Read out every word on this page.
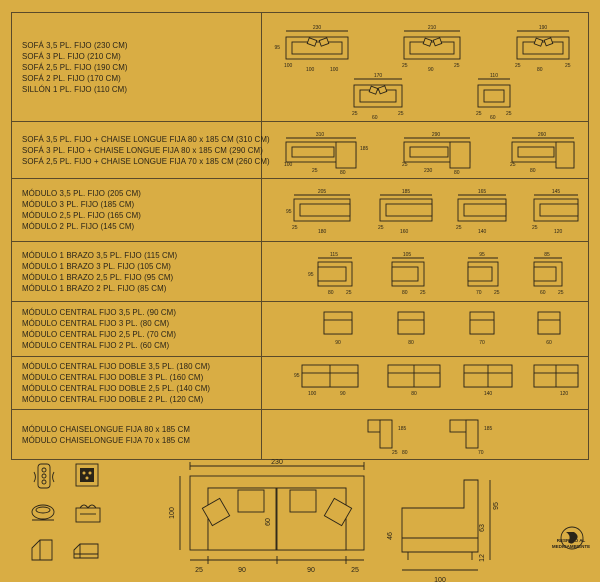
SOFÁ 3,5 PL. FIJO (230 CM)
SOFÁ 3 PL. FIJO (210 CM)
SOFÁ 2,5 PL. FIJO (190 CM)
SOFÁ 2 PL. FIJO (170 CM)
SILLÓN 1 PL. FIJO (110 CM)
230
95
100
100	100
210
25
90
25
190
25
80
25
170
25
60
25
110
25
60
25
SOFÁ 3,5 PL. FIJO + CHAISE LONGUE FIJA 80 x 185 CM (310 CM)
SOFÁ 3 PL. FIJO + CHAISE LONGUE FIJA 80 x 185 CM (290 CM)
SOFÁ 2,5 PL. FIJO + CHAISE LONGUE FIJA 70 x 185 CM (260 CM)
310
185
100
25	80
290
25
230	80
260
25
80
MÓDULO 3,5 PL. FIJO (205 CM)
MÓDULO 3 PL. FIJO (185 CM)
MÓDULO 2,5 PL. FIJO (165 CM)
MÓDULO 2 PL. FIJO (145 CM)
205
95
25
180
185
25
160
165
25
140
145
25
120
MÓDULO 1 BRAZO 3,5 PL. FIJO (115 CM)
MÓDULO 1 BRAZO 3 PL. FIJO (105 CM)
MÓDULO 1 BRAZO 2,5 PL. FIJO (95 CM)
MÓDULO 1 BRAZO 2 PL. FIJO (85 CM)
115
95
80 25
105
80 25
95
70 25
85
60 25
MÓDULO CENTRAL FIJO 3,5 PL. (90 CM)
MÓDULO CENTRAL FIJO 3 PL. (80 CM)
MÓDULO CENTRAL FIJO 2,5 PL. (70 CM)
MÓDULO CENTRAL FIJO 2 PL. (60 CM)	90	80	70	60
MÓDULO CENTRAL FIJO DOBLE 3,5 PL. (180 CM)
MÓDULO CENTRAL FIJO DOBLE 3 PL. (160 CM)
MÓDULO CENTRAL FIJO DOBLE 2,5 PL. (140 CM)
MÓDULO CENTRAL FIJO DOBLE 2 PL. (120 CM)
95
100	90	80	140	120
MÓDULO CHAISELONGUE FIJA 80 x 185 CM
MÓDULO CHAISELONGUE FIJA 70 x 185 CM
185
25 80
185
70
230
100
60
25	90	90	25
95
63
12
46
100
RESPETO AL MEDIOAMBIENTE
